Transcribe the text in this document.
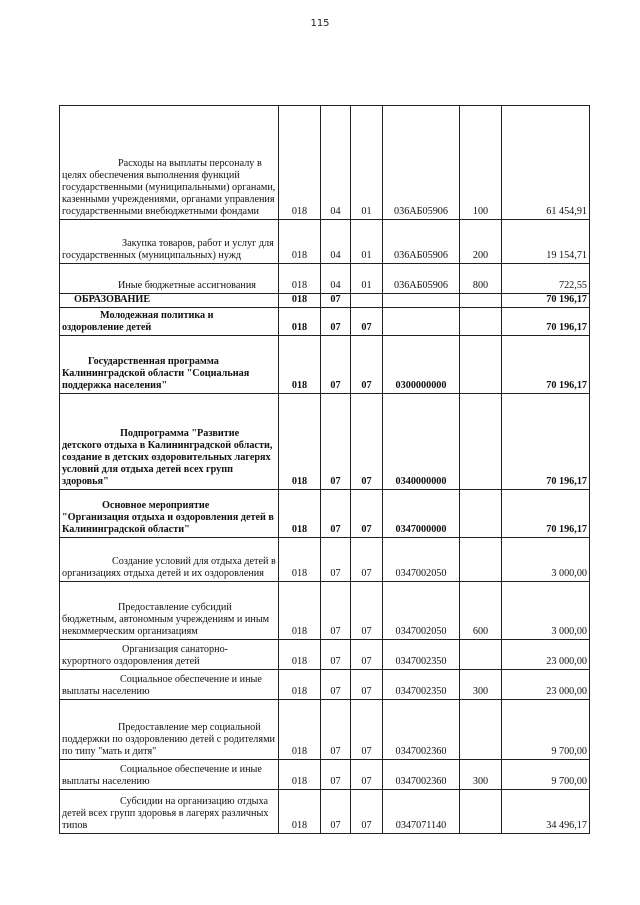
115
Расходы на выплаты персоналу в целях обеспечения выполнения функций государственными (муниципальными) органами, казенными учреждениями, органами управления государственными внебюджетными фондами	018	04	01	036АБ05906	100	61 454,91
Закупка товаров, работ и услуг для государственных (муниципальных) нужд	018	04	01	036АБ05906	200	19 154,71
Иные бюджетные ассигнования	018	04	01	036АБ05906	800	722,55
ОБРАЗОВАНИЕ	018	07				70 196,17
Молодежная политика и оздоровление детей	018	07	07			70 196,17
Государственная программа Калининградской области "Социальная поддержка населения"	018	07	07	0300000000		70 196,17
Подпрограмма "Развитие детского отдыха в Калининградской области, создание в детских оздоровительных лагерях условий для отдыха детей всех групп здоровья"	018	07	07	0340000000		70 196,17
Основное мероприятие "Организация отдыха и оздоровления детей в Калининградской области"	018	07	07	0347000000		70 196,17
Создание условий для отдыха детей в организациях отдыха детей и их оздоровления	018	07	07	0347002050		3 000,00
Предоставление субсидий бюджетным, автономным учреждениям и иным некоммерческим организациям	018	07	07	0347002050	600	3 000,00
Организация санаторно-курортного оздоровления детей	018	07	07	0347002350		23 000,00
Социальное обеспечение и иные выплаты населению	018	07	07	0347002350	300	23 000,00
Предоставление мер социальной поддержки по оздоровлению детей с родителями по типу "мать и дитя"	018	07	07	0347002360		9 700,00
Социальное обеспечение и иные выплаты населению	018	07	07	0347002360	300	9 700,00
Субсидии на организацию отдыха детей всех групп здоровья в лагерях различных типов	018	07	07	0347071140		34 496,17
